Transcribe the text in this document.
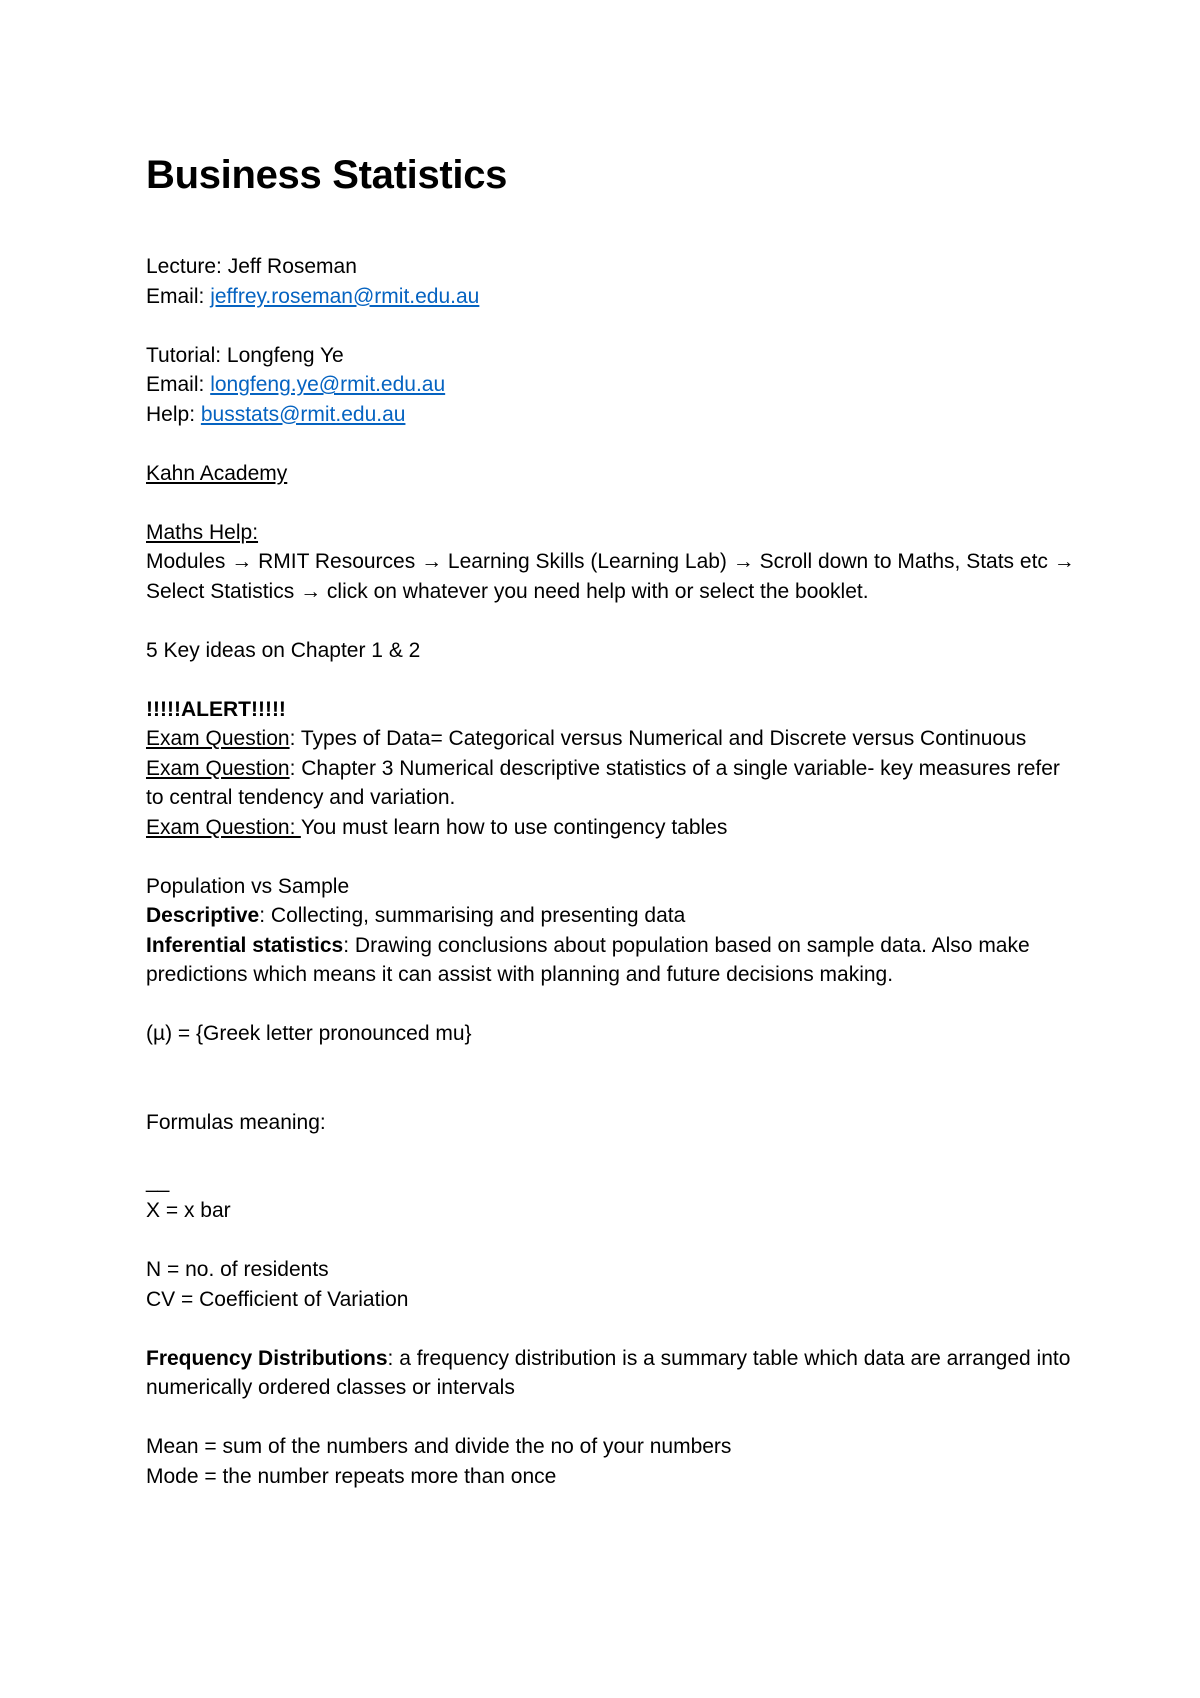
Business Statistics
Lecture: Jeff Roseman
Email: jeffrey.roseman@rmit.edu.au
Tutorial: Longfeng Ye
Email: longfeng.ye@rmit.edu.au
Help: busstats@rmit.edu.au
Kahn Academy
Maths Help:
Modules → RMIT Resources → Learning Skills (Learning Lab) → Scroll down to Maths, Stats etc → Select Statistics → click on whatever you need help with or select the booklet.
5 Key ideas on Chapter 1 & 2
!!!!!ALERT!!!!!
Exam Question: Types of Data= Categorical versus Numerical and Discrete versus Continuous
Exam Question: Chapter 3 Numerical descriptive statistics of a single variable- key measures refer to central tendency and variation.
Exam Question: You must learn how to use contingency tables
Population vs Sample
Descriptive: Collecting, summarising and presenting data
Inferential statistics: Drawing conclusions about population based on sample data. Also make predictions which means it can assist with planning and future decisions making.
(µ) = {Greek letter pronounced mu}
Formulas meaning:
__
X = x bar
N = no. of residents
CV = Coefficient of Variation
Frequency Distributions: a frequency distribution is a summary table which data are arranged into numerically ordered classes or intervals
Mean = sum of the numbers and divide the no of your numbers
Mode = the number repeats more than once
